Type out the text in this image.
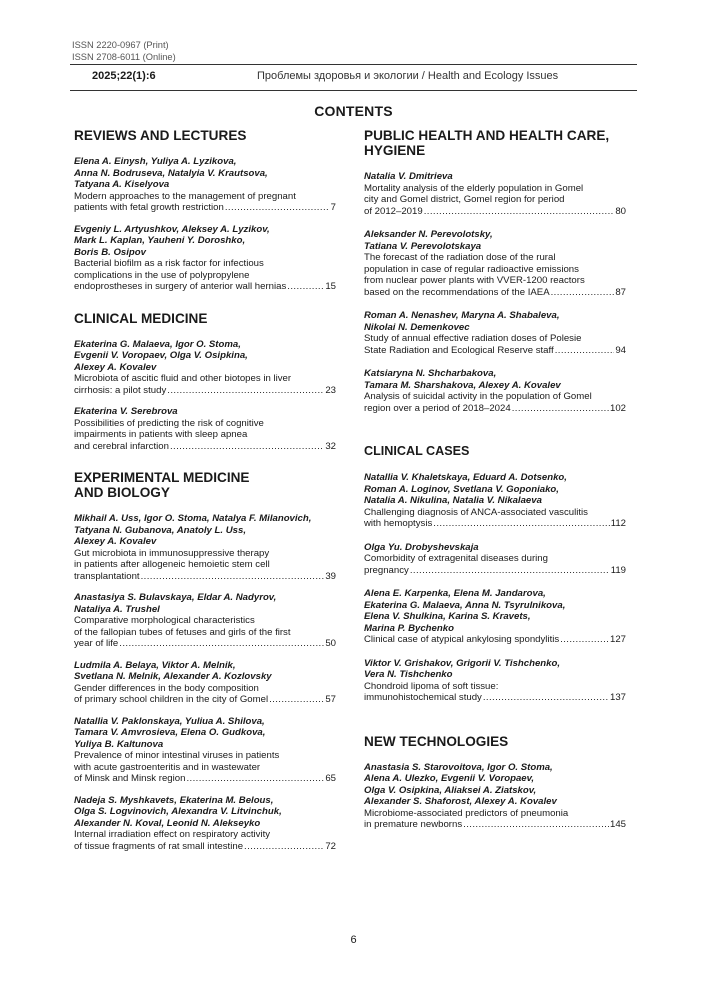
ISSN 2220-0967 (Print)
ISSN 2708-6011 (Online)
2025;22(1):6	Проблемы здоровья и экологии / Health and Ecology Issues
CONTENTS
REVIEWS AND LECTURES
Elena A. Einysh, Yuliya A. Lyzikova,
Anna N. Bodruseva, Natalyia V. Krautsova,
Tatyana A. Kiselyova
Modern approaches to the management of pregnant
patients with fetal growth restriction .....	7
Evgeniy L. Artyushkov, Aleksey A. Lyzikov,
Mark L. Kaplan, Yauheni Y. Doroshko,
Boris B. Osipov
Bacterial biofilm as a risk factor for infectious
complications in the use of polypropylene
endoprostheses in surgery of anterior wall hernias .....	15
CLINICAL MEDICINE
Ekaterina G. Malaeva, Igor O. Stoma,
Evgenii V. Voropaev, Olga V. Osipkina,
Alexey A. Kovalev
Microbiota of ascitic fluid and other biotopes in liver
cirrhosis: a pilot study .....	23
Ekaterina V. Serebrova
Possibilities of predicting the risk of cognitive
impairments in patients with sleep apnea
and cerebral infarction .....	32
EXPERIMENTAL MEDICINE
AND BIOLOGY
Mikhail A. Uss, Igor O. Stoma, Natalya F. Milanovich,
Tatyana N. Gubanova, Anatoly L. Uss,
Alexey A. Kovalev
Gut microbiota in immunosuppressive therapy
in patients after allogeneic hemoietic stem cell
transplantationt .....	39
Anastasiya S. Bulavskaya, Eldar A. Nadyrov,
Nataliya A. Trushel
Comparative morphological characteristics
of the fallopian tubes of fetuses and girls of the first
year of life .....	50
Ludmila A. Belaya, Viktor A. Melnik,
Svetlana N. Melnik, Alexander A. Kozlovsky
Gender differences in the body composition
of primary school children in the city of Gomel .....	57
Natallia V. Paklonskaya, Yuliua A. Shilova,
Tamara V. Amvrosieva, Elena O. Gudkova,
Yuliya B. Kaltunova
Prevalence of minor intestinal viruses in patients
with acute gastroenteritis and in wastewater
of Minsk and Minsk region .....	65
Nadeja S. Myshkavets, Ekaterina M. Belous,
Olga S. Logvinovich, Alexandra V. Litvinchuk,
Alexander N. Koval, Leonid N. Alekseyko
Internal irradiation effect on respiratory activity
of tissue fragments of rat small intestine .....	72
PUBLIC HEALTH AND HEALTH CARE,
HYGIENE
Natalia V. Dmitrieva
Mortality analysis of the elderly population in Gomel
city and Gomel district, Gomel region for period
of 2012–2019 .....	80
Aleksander N. Perevolotsky,
Tatiana V. Perevolotskaya
The forecast of the radiation dose of the rural
population in case of regular radioactive emissions
from nuclear power plants with VVER-1200 reactors
based on the recommendations of the IAEA .....	87
Roman A. Nenashev, Maryna A. Shabaleva,
Nikolai N. Demenkovec
Study of annual effective radiation doses of Polesie
State Radiation and Ecological Reserve staff .....	94
Katsiaryna N. Shcharbakova,
Tamara M. Sharshakova, Alexey A. Kovalev
Analysis of suicidal activity in the population of Gomel
region over a period of 2018–2024 .....	102
CLINICAL CASES
Natallia V. Khaletskaya, Eduard A. Dotsenko,
Roman A. Loginov, Svetlana V. Goponiako,
Natalia A. Nikulina, Natalia V. Nikalaeva
Challenging diagnosis of ANCA-associated vasculitis
with hemoptysis .....	112
Olga Yu. Drobyshevskaja
Comorbidity of extragenital diseases during
pregnancy .....	119
Alena E. Karpenka, Elena M. Jandarova,
Ekaterina G. Malaeva, Anna N. Tsyrulnikova,
Elena V. Shulkina, Karina S. Kravets,
Marina P. Bychenko
Clinical case of atypical ankylosing spondylitis .....	127
Viktor V. Grishakov, Grigorii V. Tishchenko,
Vera N. Tishchenko
Chondroid lipoma of soft tissue:
immunohistochemical study .....	137
NEW TECHNOLOGIES
Anastasia S. Starovoitova, Igor O. Stoma,
Alena A. Ulezko, Evgenii V. Voropaev,
Olga V. Osipkina, Aliaksei A. Ziatskov,
Alexander S. Shaforost, Alexey A. Kovalev
Microbiome-associated predictors of pneumonia
in premature newborns .....	145
6
